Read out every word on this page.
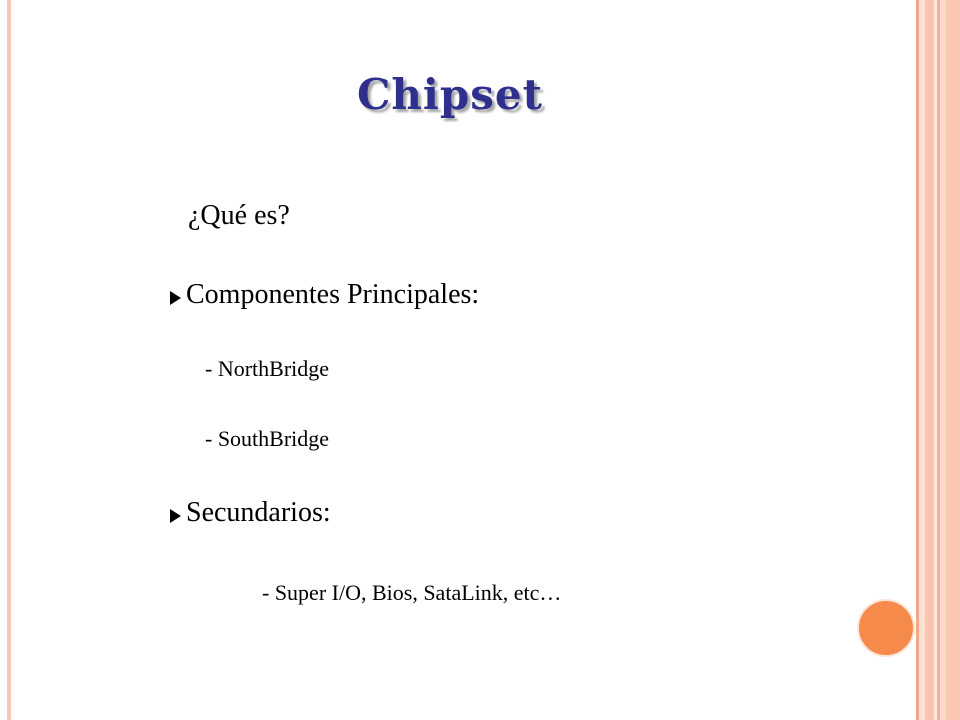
Chipset
¿Qué es?
Componentes Principales:
- NorthBridge
- SouthBridge
Secundarios:
- Super I/O, Bios, SataLink, etc…
